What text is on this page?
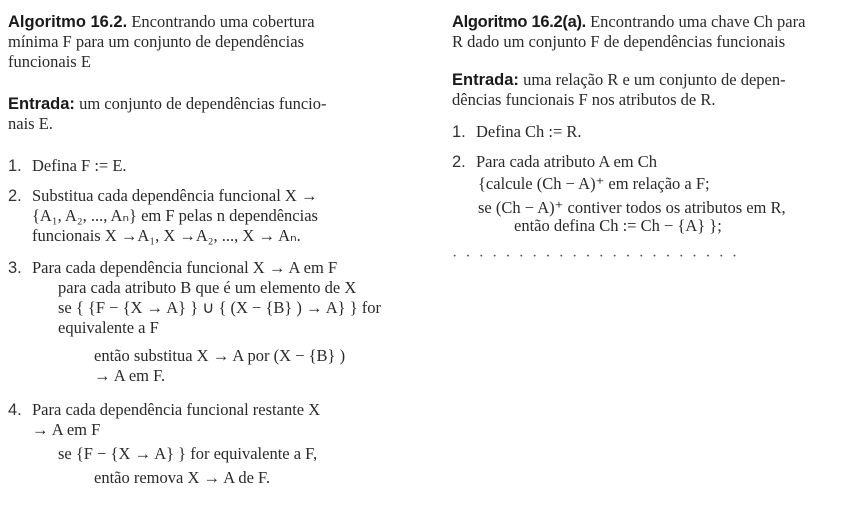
Algoritmo 16.2. Encontrando uma cobertura
mínima F para um conjunto de dependências
funcionais E
Entrada: um conjunto de dependências funcio-
nais E.
1. Defina F := E.
2. Substitua cada dependência funcional X →
{A₁, A₂, ..., Aₙ} em F pelas n dependências
funcionais X →A₁, X →A₂, ..., X → Aₙ.
3. Para cada dependência funcional X → A em F
para cada atributo B que é um elemento de X
se { {F − {X → A} } ∪ { (X − {B} ) → A} } for
equivalente a F
então substitua X → A por (X − {B} )
→ A em F.
4. Para cada dependência funcional restante X
→ A em F
se {F − {X → A} } for equivalente a F,
então remova X → A de F.
Algoritmo 16.2(a). Encontrando uma chave Ch para
R dado um conjunto F de dependências funcionais
Entrada: uma relação R e um conjunto de depen-
dências funcionais F nos atributos de R.
1. Defina Ch := R.
2. Para cada atributo A em Ch
{calcule (Ch − A)⁺ em relação a F;
se (Ch − A)⁺ contiver todos os atributos em R,
então defina Ch := Ch − {A} };
· · · · · · · · · · · · · · · · · · · · · ·
